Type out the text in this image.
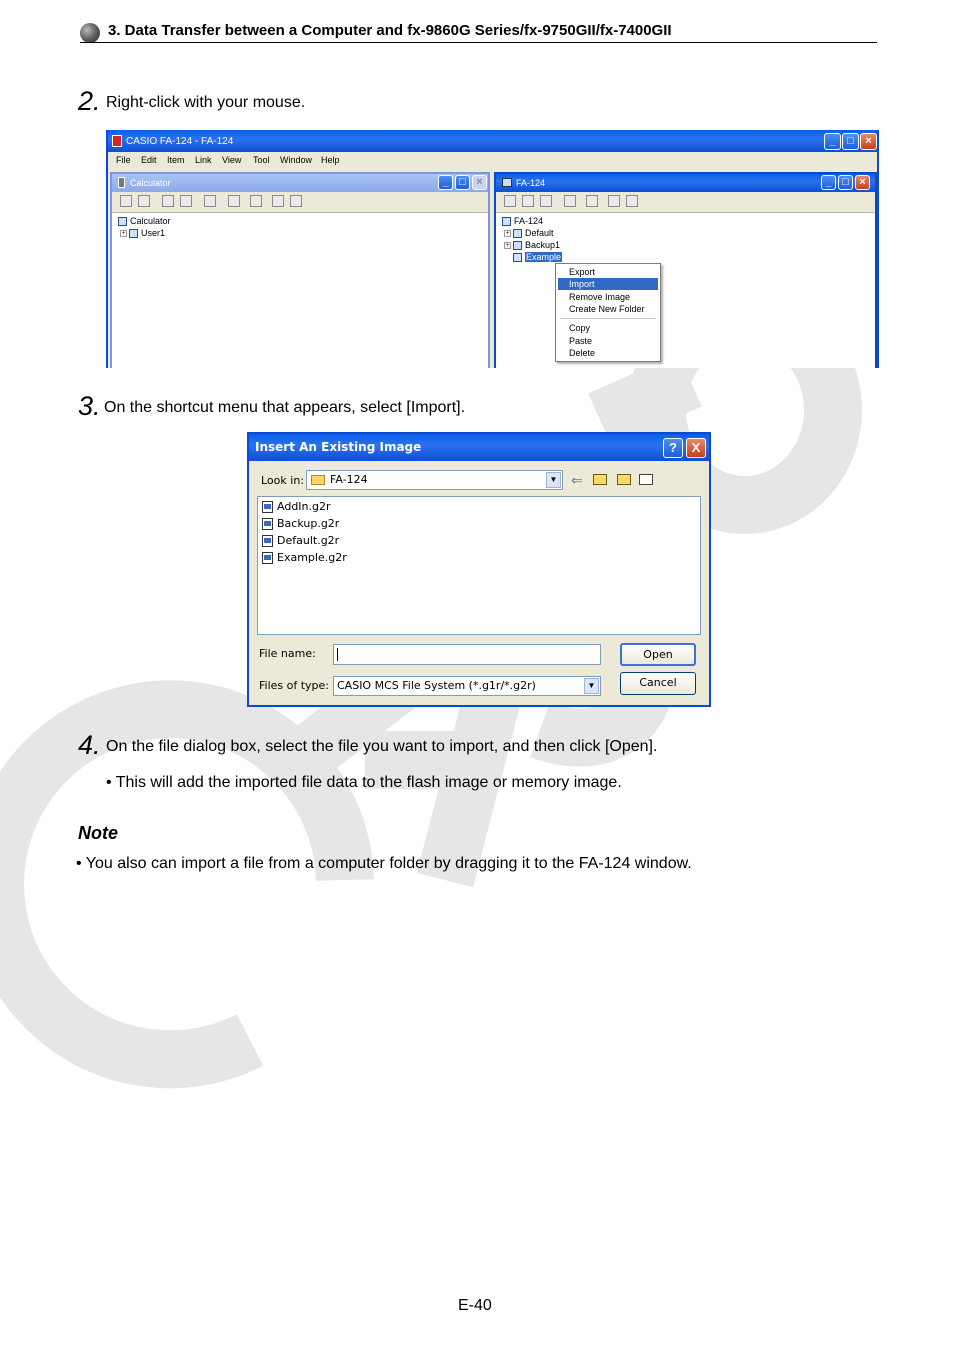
3. Data Transfer between a Computer and fx-9860G Series/fx-9750GII/fx-7400GII
2. Right-click with your mouse.
CASIO FA-124 - FA-124	_	□	×
File Edit Item Link View Tool Window Help
Calculator	_ □ ×
Calculator
+ User1
FA-124	_ □ ×
FA-124
+ Default
+ Backup1
Example
Export
Import
Remove Image
Create New Folder
Copy
Paste
Delete
3. On the shortcut menu that appears, select [Import].
Insert An Existing Image	?	X
Look in: FA-124	▼ ⇐
AddIn.g2r
Backup.g2r
Default.g2r
Example.g2r
File name:
Files of type: CASIO MCS File System (*.g1r/*.g2r)	▼
Open
Cancel
4. On the file dialog box, select the file you want to import, and then click [Open].
• This will add the imported file data to the flash image or memory image.
Note
• You also can import a file from a computer folder by dragging it to the FA-124 window.
E-40
